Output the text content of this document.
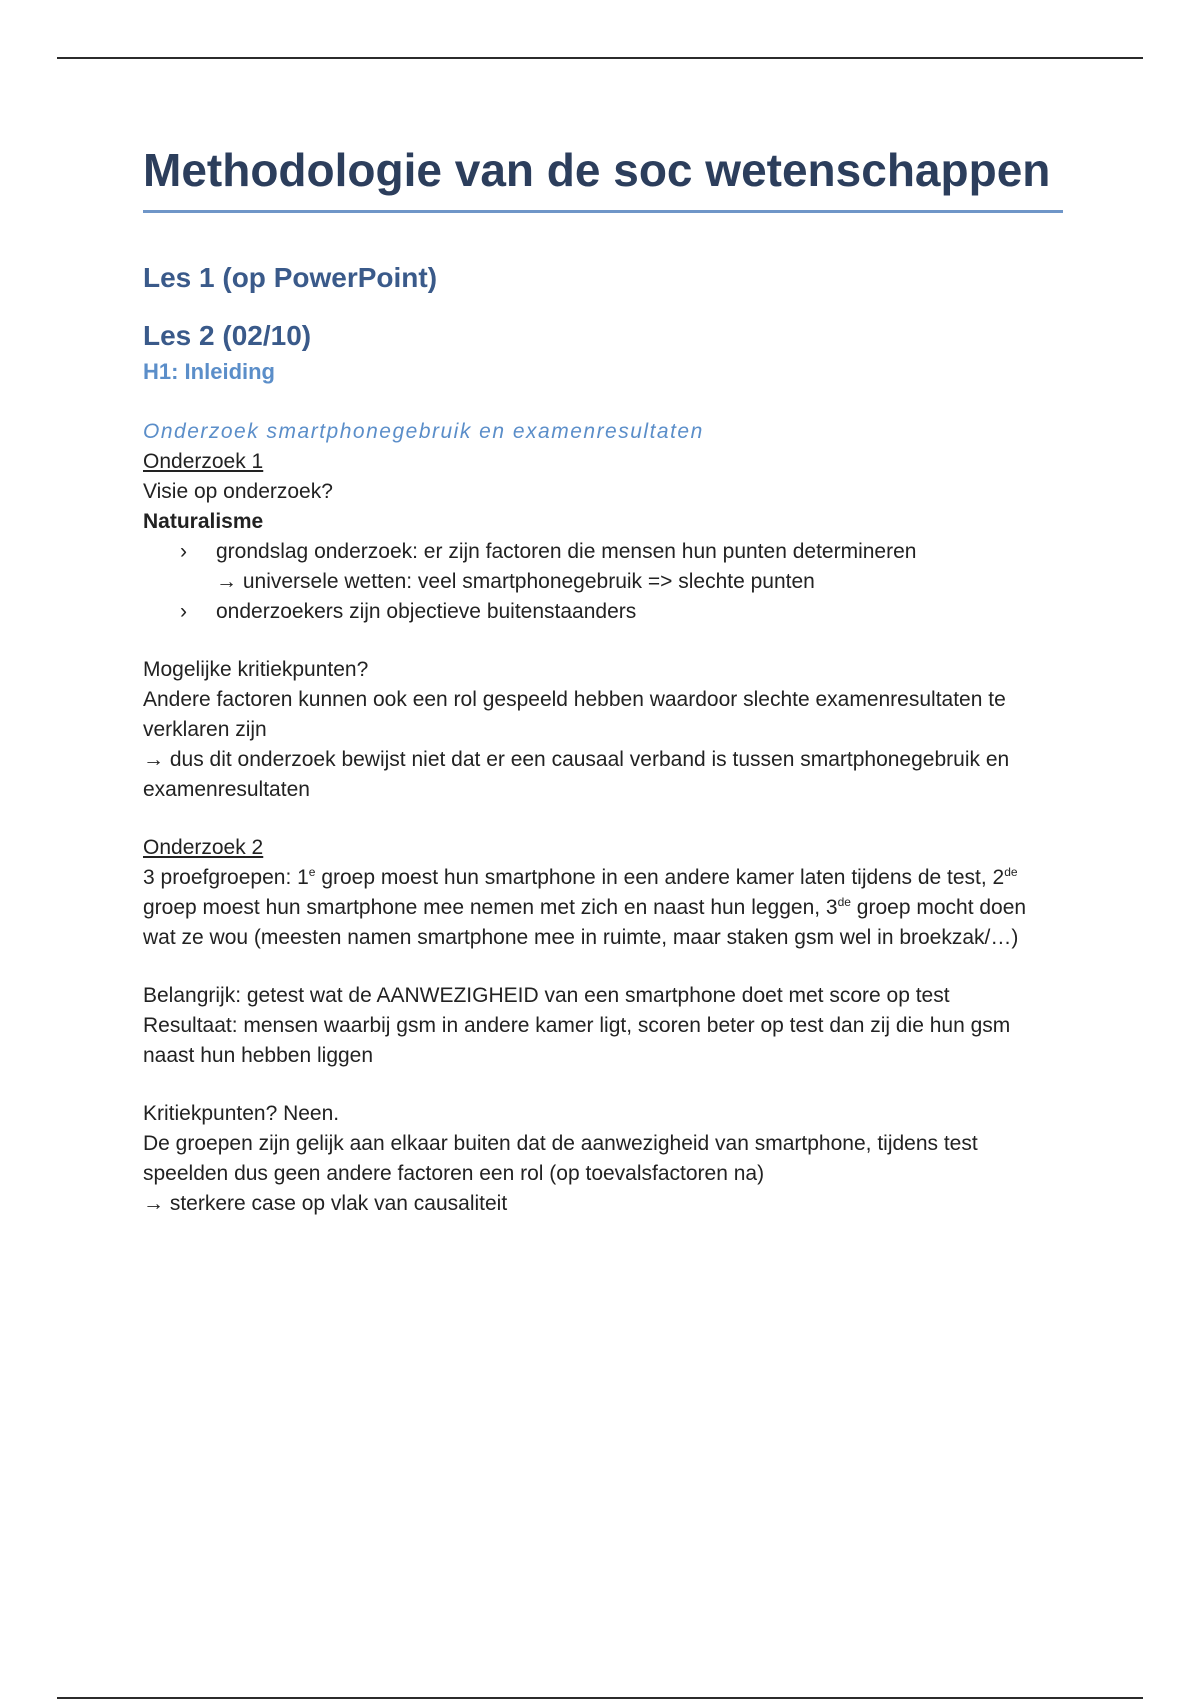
Methodologie van de soc wetenschappen
Les 1 (op PowerPoint)
Les 2 (02/10)
H1: Inleiding
Onderzoek smartphonegebruik en examenresultaten

Onderzoek 1

Visie op onderzoek?

Naturalisme

› grondslag onderzoek: er zijn factoren die mensen hun punten determineren
→ universele wetten: veel smartphonegebruik => slechte punten
› onderzoekers zijn objectieve buitenstaanders

Mogelijke kritiekpunten?

Andere factoren kunnen ook een rol gespeeld hebben waardoor slechte examenresultaten te verklaren zijn

→ dus dit onderzoek bewijst niet dat er een causaal verband is tussen smartphonegebruik en examenresultaten

Onderzoek 2

3 proefgroepen: 1e groep moest hun smartphone in een andere kamer laten tijdens de test, 2de groep moest hun smartphone mee nemen met zich en naast hun leggen, 3de groep mocht doen wat ze wou (meesten namen smartphone mee in ruimte, maar staken gsm wel in broekzak/…)

Belangrijk: getest wat de AANWEZIGHEID van een smartphone doet met score op test

Resultaat: mensen waarbij gsm in andere kamer ligt, scoren beter op test dan zij die hun gsm naast hun hebben liggen

Kritiekpunten? Neen.

De groepen zijn gelijk aan elkaar buiten dat de aanwezigheid van smartphone, tijdens test speelden dus geen andere factoren een rol (op toevalsfactoren na)

→ sterkere case op vlak van causaliteit
